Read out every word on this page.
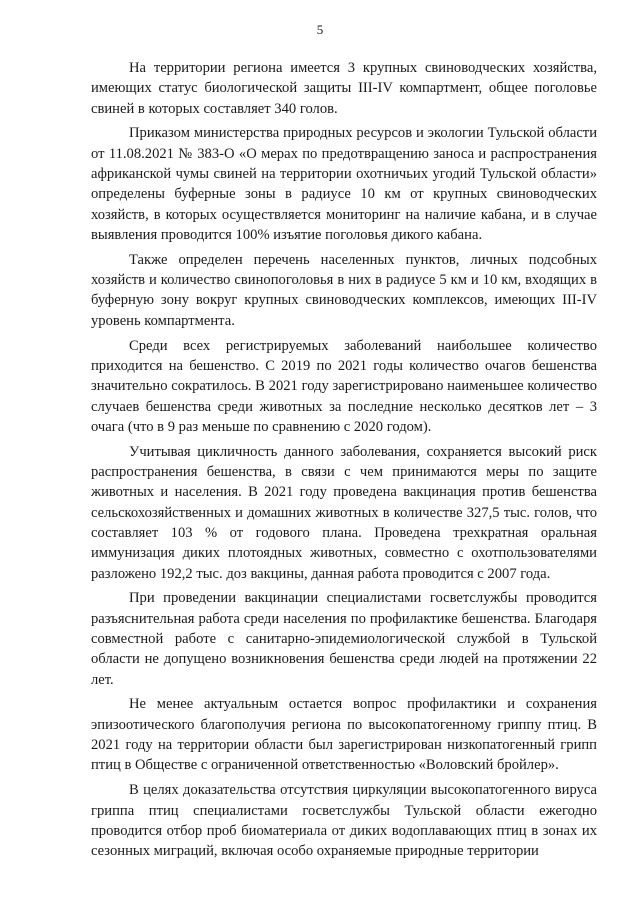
5

На территории региона имеется 3 крупных свиноводческих хозяйства, имеющих статус биологической защиты III-IV компартмент, общее поголовье свиней в которых составляет 340 голов.

Приказом министерства природных ресурсов и экологии Тульской области от 11.08.2021 № 383-О «О мерах по предотвращению заноса и распространения африканской чумы свиней на территории охотничьих угодий Тульской области» определены буферные зоны в радиусе 10 км от крупных свиноводческих хозяйств, в которых осуществляется мониторинг на наличие кабана, и в случае выявления проводится 100% изъятие поголовья дикого кабана.

Также определен перечень населенных пунктов, личных подсобных хозяйств и количество свинопоголовья в них в радиусе 5 км и 10 км, входящих в буферную зону вокруг крупных свиноводческих комплексов, имеющих III-IV уровень компартмента.

Среди всех регистрируемых заболеваний наибольшее количество приходится на бешенство. С 2019 по 2021 годы количество очагов бешенства значительно сократилось. В 2021 году зарегистрировано наименьшее количество случаев бешенства среди животных за последние несколько десятков лет – 3 очага (что в 9 раз меньше по сравнению с 2020 годом).

Учитывая цикличность данного заболевания, сохраняется высокий риск распространения бешенства, в связи с чем принимаются меры по защите животных и населения. В 2021 году проведена вакцинация против бешенства сельскохозяйственных и домашних животных в количестве 327,5 тыс. голов, что составляет 103 % от годового плана. Проведена трехкратная оральная иммунизация диких плотоядных животных, совместно с охотпользователями разложено 192,2 тыс. доз вакцины, данная работа проводится с 2007 года.

При проведении вакцинации специалистами госветслужбы проводится разъяснительная работа среди населения по профилактике бешенства. Благодаря совместной работе с санитарно-эпидемиологической службой в Тульской области не допущено возникновения бешенства среди людей на протяжении 22 лет.

Не менее актуальным остается вопрос профилактики и сохранения эпизоотического благополучия региона по высокопатогенному гриппу птиц. В 2021 году на территории области был зарегистрирован низкопатогенный грипп птиц в Обществе с ограниченной ответственностью «Воловский бройлер».

В целях доказательства отсутствия циркуляции высокопатогенного вируса гриппа птиц специалистами госветслужбы Тульской области ежегодно проводится отбор проб биоматериала от диких водоплавающих птиц в зонах их сезонных миграций, включая особо охраняемые природные территории
